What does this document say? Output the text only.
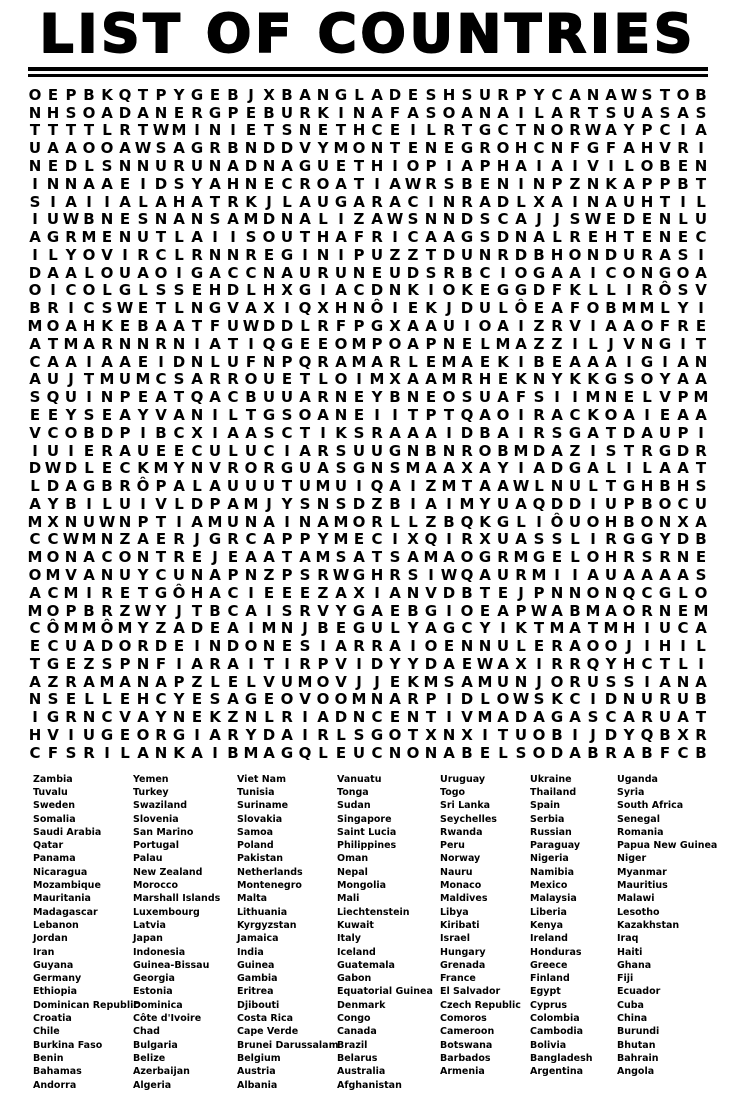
LIST OF COUNTRIES
O E P B K Q T P Y G E B J X B A N G L A D E S H S U R P Y C A N A W S T O B
N H S O A D A N E R G P E B U R K I N A F A S O A N A I L A R T S U A S A S
T T T T L R T W M I N I E T S N E T H C E I L R T G C T N O R W A Y P C I A
U A A O O A W S A G R B N D D V Y M O N T E N E G R O H C N F G F A H V R I
N E D L S N N U R U N A D N A G U E T H I O P I A P H A I A I V I L O B E N
I N N A A E I D S Y A H N E C R O A T I A W R S B E N I N P Z N K A P P B T
S I A I I A L A H A T R K J L A U G A R A C I N R A D L X A I N A U H T I L
I U W B N E S N A N S A M D N A L I Z A W S N N D S C A J J S W E D E N L U
A G R M E N U T L A I I S O U T H A F R I C A A G S D N A L R E H T E N E C
I L Y O V I R C L R N N R E G I N I P U Z Z T D U N R D B H O N D U R A S I
D A A L O U A O I G A C C N A U R U N E U D S R B C I O G A A I C O N G O A
O I C O L G L S S E H D L H X G I A C D N K I O K E G G D F K L L I R Ô S V
B R I C S W E T L N G V A X I Q X H N Ô I E K J D U L Ô E A F O B M M L Y I
M O A H K E B A A T F U W D D L R F P G X A A U I O A I Z R V I A A O F R E
A T M A R N N R N I A T I Q G E E O M P O A P N E L M A Z Z I L J V N G I T
C A A I A A E I D N L U F N P Q R A M A R L E M A E K I B E A A A I G I A N
A U J T M U M C S A R R O U E T L O I M X A A M R H E K N Y K K G S O Y A A
S Q U I N P E A T Q A C B U U A R N E Y B N E O S U A F S I I M N E L V P M
E E Y S E A Y V A N I L T G S O A N E I I T P T Q A O I R A C K O A I E A A
V C O B D P I B C X I A A S C T I K S R A A A I D B A I R S G A T D A U P I
I U I E R A U E E C U L U C I A R S U U G N B N R O B M D A Z I S T R G D R
D W D L E C K M Y N V R O R G U A S G N S M A A X A Y I A D G A L I L A A T
L D A G B R Ô P A L A U U U T U M U I Q A I Z M T A A W L N U L T G H B H S
A Y B I L U I V L D P A M J Y S N S D Z B I A I M Y U A Q D D I U P B O C U
M X N U W N P T I A M U N A I N A M O R L L Z B Q K G L I Ô U O H B O N X A
C C W M N Z A E R J G R C A P P Y M E C I X Q I R X U A S S L I R G G Y D B
M O N A C O N T R E J E A A T A M S A T S A M A O G R M G E L O H R S R N E
O M V A N U Y C U N A P N Z P S R W G H R S I W Q A U R M I I A U A A A A S
A C M I R E T G Ô H A C I E E E Z A X I A N V D B T E J P N N O N Q C G L O
M O P B R Z W Y J T B C A I S R V Y G A E B G I O E A P W A B M A O R N E M
C Ô M M Ô M Y Z A D E A I M N J B E G U L Y A G C Y I K T M A T M H I U C A
E C U A D O R D E I N D O N E S I A R R A I O E N N U L E R A O O J I H I L
T G E Z S P N F I A R A I T I R P V I D Y Y D A E W A X I R R Q Y H C T L I
A Z R A M A N A P Z L E L V U M O V J J E K M S A M U N J O R U S S I A N A
N S E L L E H C Y E S A G E O V O O M N A R P I D L O W S K C I D N U R U B
I G R N C V A Y N E K Z N L R I A D N C E N T I V M A D A G A S C A R U A T
H V I U G E O R G I A R Y D A I R L S G O T X N X I T U O B I J D Y Q B X R
C F S R I L A N K A I B M A G Q L E U C N O N A B E L S O D A B R A B F C B
Zambia
Tuvalu
Sweden
Somalia
Saudi Arabia
Qatar
Panama
Nicaragua
Mozambique
Mauritania
Madagascar
Lebanon
Jordan
Iran
Guyana
Germany
Ethiopia
Dominican Republic
Croatia
Chile
Burkina Faso
Benin
Bahamas
Andorra
Yemen
Turkey
Swaziland
Slovenia
San Marino
Portugal
Palau
New Zealand
Morocco
Marshall Islands
Luxembourg
Latvia
Japan
Indonesia
Guinea-Bissau
Georgia
Estonia
Dominica
Côte d'Ivoire
Chad
Bulgaria
Belize
Azerbaijan
Algeria
Viet Nam
Tunisia
Suriname
Slovakia
Samoa
Poland
Pakistan
Netherlands
Montenegro
Malta
Lithuania
Kyrgyzstan
Jamaica
India
Guinea
Gambia
Eritrea
Djibouti
Costa Rica
Cape Verde
Brunei Darussalam
Belgium
Austria
Albania
Vanuatu
Tonga
Sudan
Singapore
Saint Lucia
Philippines
Oman
Nepal
Mongolia
Mali
Liechtenstein
Kuwait
Italy
Iceland
Guatemala
Gabon
Equatorial Guinea
Denmark
Congo
Canada
Brazil
Belarus
Australia
Afghanistan
Uruguay
Togo
Sri Lanka
Seychelles
Rwanda
Peru
Norway
Nauru
Monaco
Maldives
Libya
Kiribati
Israel
Hungary
Grenada
France
El Salvador
Czech Republic
Comoros
Cameroon
Botswana
Barbados
Armenia
Ukraine
Thailand
Spain
Serbia
Russian
Paraguay
Nigeria
Namibia
Mexico
Malaysia
Liberia
Kenya
Ireland
Honduras
Greece
Finland
Egypt
Cyprus
Colombia
Cambodia
Bolivia
Bangladesh
Argentina
Uganda
Syria
South Africa
Senegal
Romania
Papua New Guinea
Niger
Myanmar
Mauritius
Malawi
Lesotho
Kazakhstan
Iraq
Haiti
Ghana
Fiji
Ecuador
Cuba
China
Burundi
Bhutan
Bahrain
Angola
